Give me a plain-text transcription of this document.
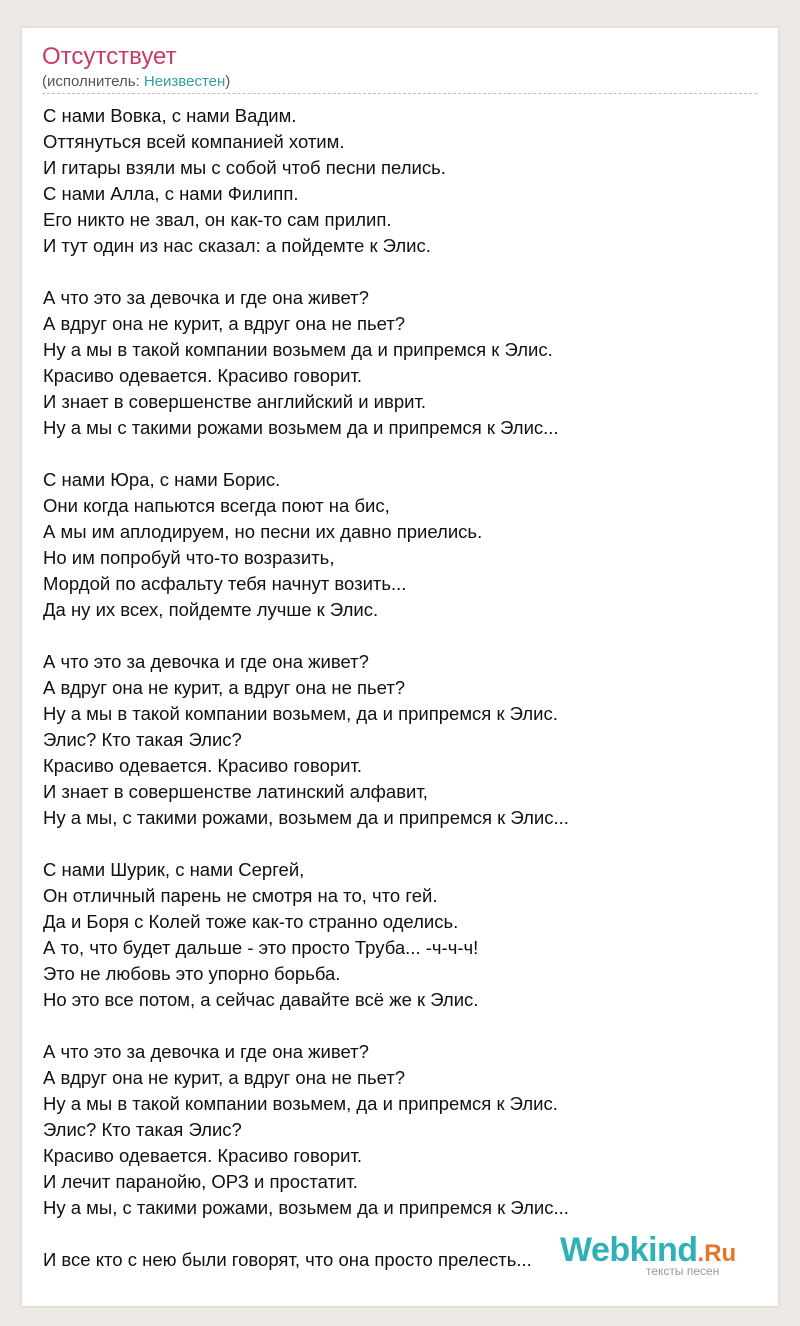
Отсутствует
(исполнитель: Неизвестен)
С нами Вовка, с нами Вадим.
Оттянуться всей компанией хотим.
И гитары взяли мы с собой чтоб песни пелись.
С нами Алла, с нами Филипп.
Его никто не звал, он как-то сам прилип.
И тут один из нас сказал: а пойдемте к Элис.
А что это за девочка и где она живет?
А вдруг она не курит, а вдруг она не пьет?
Ну а мы в такой компании возьмем да и припремся к Элис.
Красиво одевается. Красиво говорит.
И знает в совершенстве английский и иврит.
Ну а мы с такими рожами возьмем да и припремся к Элис...
С нами Юра, с нами Борис.
Они когда напьются всегда поют на бис,
А мы им аплодируем, но песни их давно приелись.
Но им попробуй что-то возразить,
Мордой по асфальту тебя начнут возить...
Да ну их всех, пойдемте лучше к Элис.
А что это за девочка и где она живет?
А вдруг она не курит, а вдруг она не пьет?
Ну а мы в такой компании возьмем, да и припремся к Элис.
Элис? Кто такая Элис?
Красиво одевается. Красиво говорит.
И знает в совершенстве латинский алфавит,
Ну а мы, с такими рожами, возьмем да и припремся к Элис...
С нами Шурик, с нами Сергей,
Он отличный парень не смотря на то, что гей.
Да и Боря с Колей тоже как-то странно оделись.
А то, что будет дальше - это просто Труба... -ч-ч-ч!
Это не любовь это упорно борьба.
Но это все потом, а сейчас давайте всё же к Элис.
А что это за девочка и где она живет?
А вдруг она не курит, а вдруг она не пьет?
Ну а мы в такой компании возьмем, да и припремся к Элис.
Элис? Кто такая Элис?
Красиво одевается. Красиво говорит.
И лечит паранойю, ОРЗ и простатит.
Ну а мы, с такими рожами, возьмем да и припремся к Элис...
И все кто с нею были говорят, что она просто прелесть... Webkind.Ru
тексты песен
